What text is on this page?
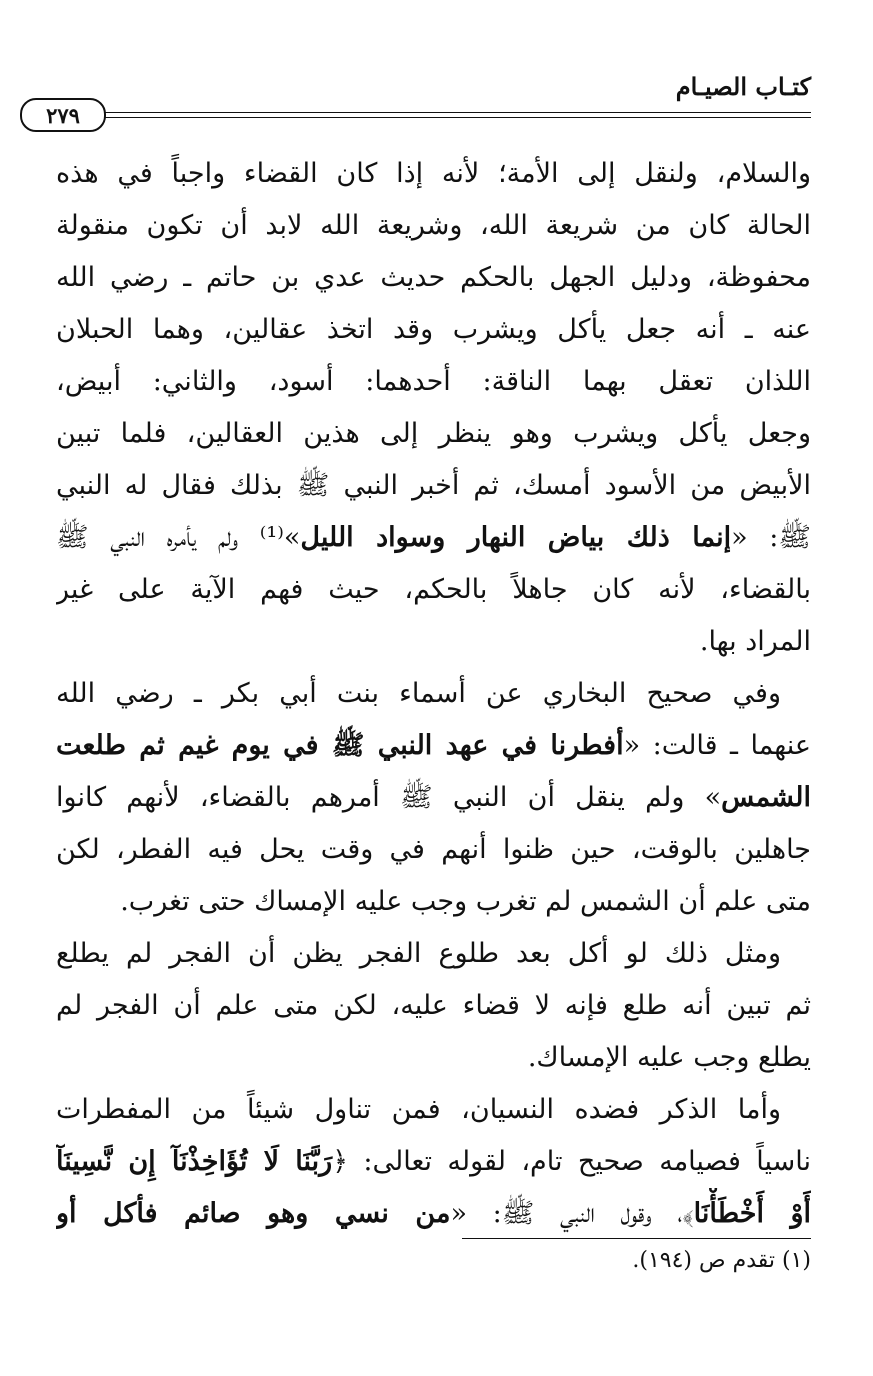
كتـاب الصيـام
٢٧٩
والسلام، ولنقل إلى الأمة؛ لأنه إذا كان القضاء واجباً في هذه
الحالة كان من شريعة الله، وشريعة الله لابد أن تكون منقولة
محفوظة، ودليل الجهل بالحكم حديث عدي بن حاتم ـ رضي الله
عنه ـ أنه جعل يأكل ويشرب وقد اتخذ عقالين، وهما الحبلان
اللذان تعقل بهما الناقة: أحدهما: أسود، والثاني: أبيض،
وجعل يأكل ويشرب وهو ينظر إلى هذين العقالين، فلما تبين
الأبيض من الأسود أمسك، ثم أخبر النبي ﷺ بذلك فقال له النبي
ﷺ: «إنما ذلك بياض النهار وسواد الليل»⁽¹⁾ ولم يأمره النبي ﷺ
بالقضاء، لأنه كان جاهلاً بالحكم، حيث فهم الآية على غير
المراد بها.
وفي صحيح البخاري عن أسماء بنت أبي بكر ـ رضي الله
عنهما ـ قالت: «أفطرنا في عهد النبي ﷺ في يوم غيم ثم طلعت
الشمس» ولم ينقل أن النبي ﷺ أمرهم بالقضاء، لأنهم كانوا
جاهلين بالوقت، حين ظنوا أنهم في وقت يحل فيه الفطر، لكن
متى علم أن الشمس لم تغرب وجب عليه الإمساك حتى تغرب.
ومثل ذلك لو أكل بعد طلوع الفجر يظن أن الفجر لم يطلع
ثم تبين أنه طلع فإنه لا قضاء عليه، لكن متى علم أن الفجر لم
يطلع وجب عليه الإمساك.
وأما الذكر فضده النسيان، فمن تناول شيئاً من المفطرات
ناسياً فصيامه صحيح تام، لقوله تعالى: ﴿رَبَّنَا لَا تُؤَاخِذْنَآ إِن نَّسِينَآ
أَوْ أَخْطَأْنَا﴾، وقول النبي ﷺ: «من نسي وهو صائم فأكل أو
(١) تقدم ص (١٩٤).
